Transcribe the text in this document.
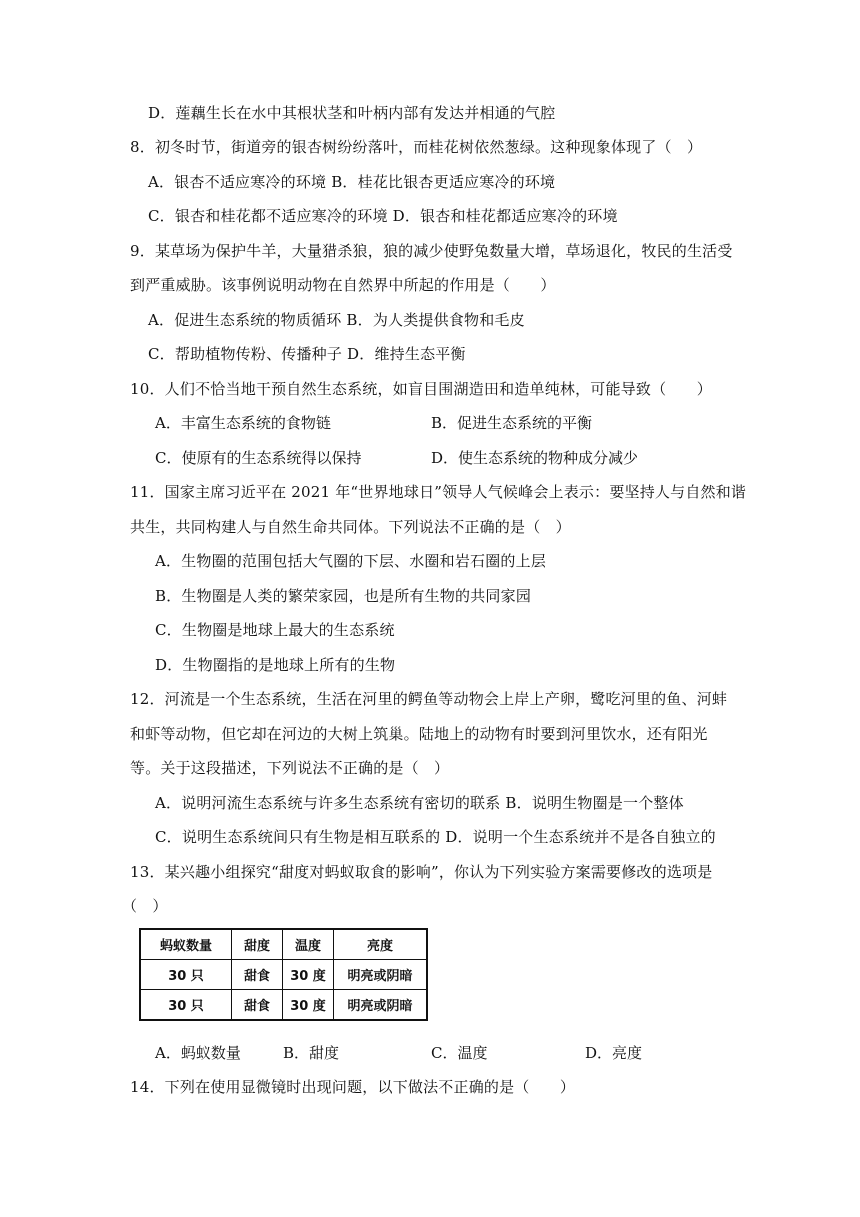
D．莲藕生长在水中其根状茎和叶柄内部有发达并相通的气腔
8．初冬时节，街道旁的银杏树纷纷落叶，而桂花树依然葱绿。这种现象体现了（　）
A．银杏不适应寒冷的环境 B．桂花比银杏更适应寒冷的环境
C．银杏和桂花都不适应寒冷的环境 D．银杏和桂花都适应寒冷的环境
9．某草场为保护牛羊，大量猎杀狼，狼的减少使野兔数量大增，草场退化，牧民的生活受
到严重威胁。该事例说明动物在自然界中所起的作用是（　　）
A．促进生态系统的物质循环 B．为人类提供食物和毛皮
C．帮助植物传粉、传播种子 D．维持生态平衡
10．人们不恰当地干预自然生态系统，如盲目围湖造田和造单纯林，可能导致（　　）
A．丰富生态系统的食物链	B．促进生态系统的平衡
C．使原有的生态系统得以保持	D．使生态系统的物种成分减少
11．国家主席习近平在 2021 年“世界地球日”领导人气候峰会上表示：要坚持人与自然和谐
共生，共同构建人与自然生命共同体。下列说法不正确的是（　）
A．生物圈的范围包括大气圈的下层、水圈和岩石圈的上层
B．生物圈是人类的繁荣家园，也是所有生物的共同家园
C．生物圈是地球上最大的生态系统
D．生物圈指的是地球上所有的生物
12．河流是一个生态系统，生活在河里的鳄鱼等动物会上岸上产卵，鹭吃河里的鱼、河蚌
和虾等动物，但它却在河边的大树上筑巢。陆地上的动物有时要到河里饮水，还有阳光
等。关于这段描述，下列说法不正确的是（　）
A．说明河流生态系统与许多生态系统有密切的联系 B．说明生物圈是一个整体
C．说明生态系统间只有生物是相互联系的 D．说明一个生态系统并不是各自独立的
13．某兴趣小组探究“甜度对蚂蚁取食的影响”，你认为下列实验方案需要修改的选项是
（　）
蚂蚁数量	甜度	温度	亮度
30 只	甜食	30 度	明亮或阴暗
30 只	甜食	30 度	明亮或阴暗
A．蚂蚁数量	B．甜度	C．温度	D．亮度
14．下列在使用显微镜时出现问题，以下做法不正确的是（　　）
